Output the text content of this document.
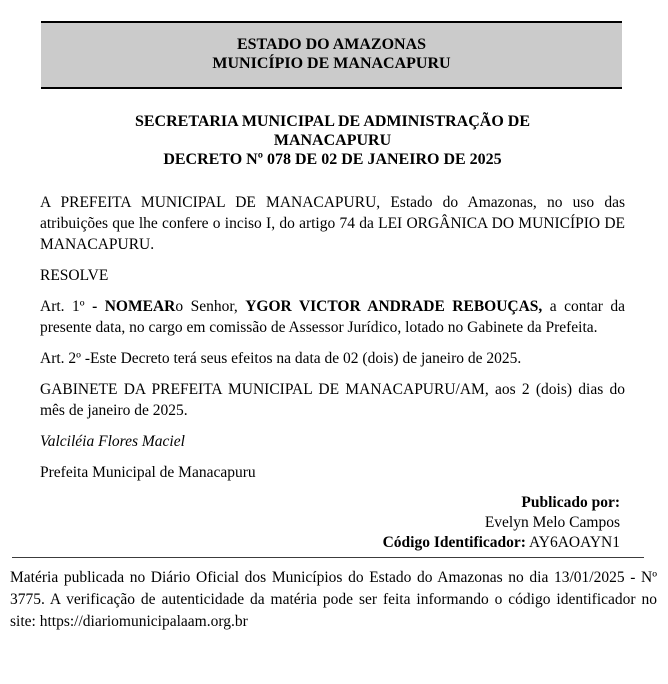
ESTADO DO AMAZONAS
MUNICÍPIO DE MANACAPURU
SECRETARIA MUNICIPAL DE ADMINISTRAÇÃO DE
MANACAPURU
DECRETO Nº 078 DE 02 DE JANEIRO DE 2025

A PREFEITA MUNICIPAL DE MANACAPURU, Estado do Amazonas, no uso das atribuições que lhe confere o inciso I, do artigo 74 da LEI ORGÂNICA DO MUNICÍPIO DE MANACAPURU.

RESOLVE

Art. 1º - NOMEARo Senhor, YGOR VICTOR ANDRADE REBOUÇAS, a contar da presente data, no cargo em comissão de Assessor Jurídico, lotado no Gabinete da Prefeita.

Art. 2º -Este Decreto terá seus efeitos na data de 02 (dois) de janeiro de 2025.

GABINETE DA PREFEITA MUNICIPAL DE MANACAPURU/AM, aos 2 (dois) dias do mês de janeiro de 2025.

Valciléia Flores Maciel

Prefeita Municipal de Manacapuru

Publicado por:
Evelyn Melo Campos
Código Identificador: AY6AOAYN1

Matéria publicada no Diário Oficial dos Municípios do Estado do Amazonas no dia 13/01/2025 - Nº 3775. A verificação de autenticidade da matéria pode ser feita informando o código identificador no site: https://diariomunicipalaam.org.br
